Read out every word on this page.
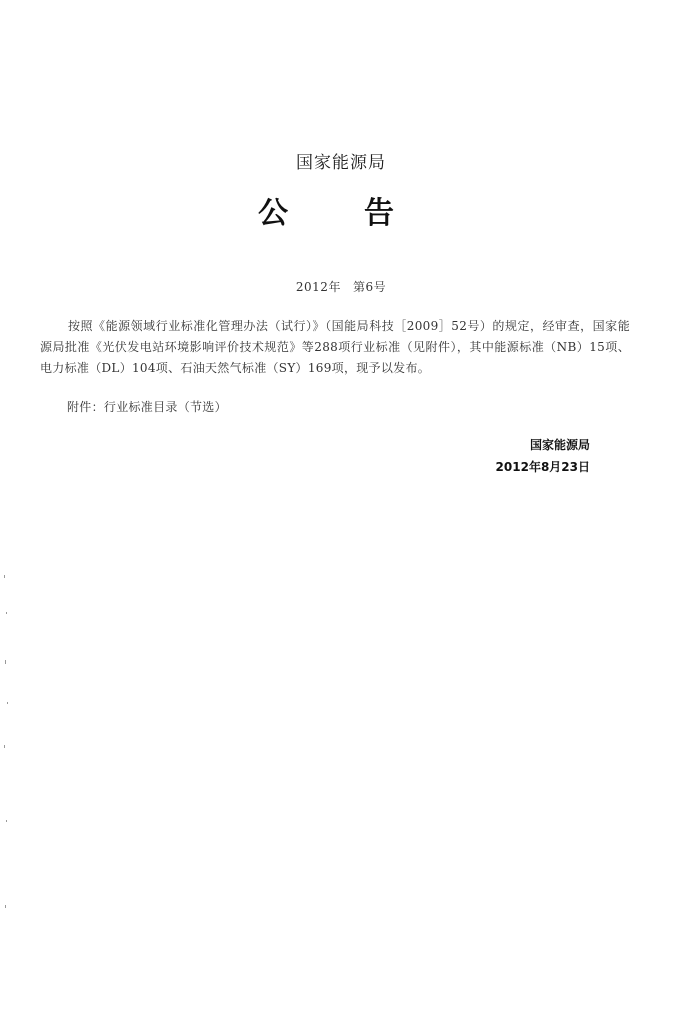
国家能源局
公	告
2012年 第6号

按照《能源领域行业标准化管理办法（试行）》（国能局科技［2009］52号）的规定，经审查，国家能源局批准《光伏发电站环境影响评价技术规范》等288项行业标准（见附件），其中能源标准（NB）15项、电力标准（DL）104项、石油天然气标准（SY）169项，现予以发布。

附件：行业标准目录（节选）
国家能源局
2012年8月23日
